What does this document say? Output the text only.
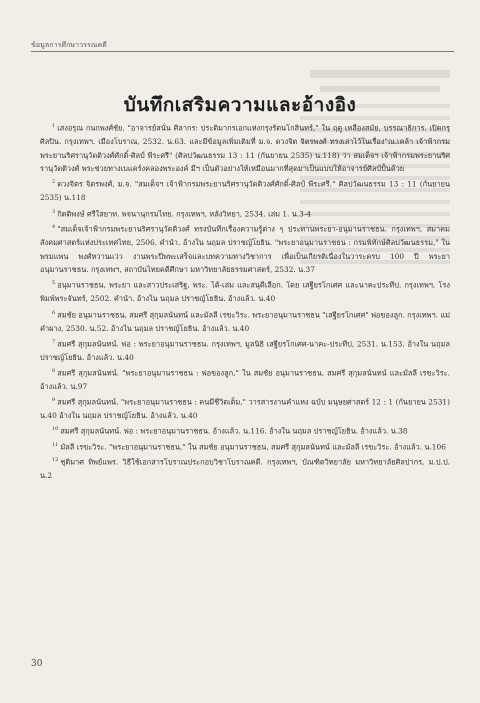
ข้อมูลการศึกษาวรรณคดี
บันทึกเสริมความและอ้างอิง

$^1$ เสงอรุณ กนกพงศ์ชัย. "อาจารย์สนั่น ศิลากร: ประติมากรเอกแห่งกรุงรัตนโกสินทร์," ใน ฤดู เหลืองสมัย, บรรณาธิการ. เปิดกรุศิลปิน. กรุงเทพฯ. เมืองโบราณ, 2532. น.63. และมีข้อมูลเพิ่มเติมที่ ม.จ. ดวงจิต จิตรพงศ์ ทรงเล่าไว้ในเรื่อง"ณ.เคล้า เจ้าฟ้ากรมพระยานริศรานุวัดติวงศ์ศักดิ์-ศิลป์ พีระศรี" (ศิลปวัฒนธรรม 13 : 11 (กันยายน 2535) น.118) ว่า สมเด็จฯ เจ้าฟ้ากรมพระยานริศรานุวัดติวงศ์ พระช่วยทางเบแคร์งคลองพระองค์ มีฯ เป็นตัวอย่างให้เหมือนมากที่สุดมาเป็นแบบให้อาจารย์ศิลป์ปั้นด้วย

$^2$ ดวงจิตร จิตรพงศ์, ม.จ. "สมเด็จฯ เจ้าฟ้ากรมพระยานริศรานุวัดติวงศ์ศักดิ์-ศิลป์ พีระศรี." ศิลปวัฒนธรรม 13 : 11 (กันยายน 2535) น.118

$^3$ กิตติพงษ์ ศรีใสยาท. พจนานุกรมไทย. กรุงเทพฯ, หลังวิทยา, 2534. เล่ม 1. น.3-4

$^4$ "สมเด็จเจ้าฟ้ากรมพระยานริศรานุวัดติวงศ์ ทรงบันทึกเรื่องความรู้ต่าง ๆ ประทานพระยา-อนุมานราชธน. กรุงเทพฯ, สมาคมสังคมศาสตร์แห่งประเทศไทย, 2506. คำนำ. อ้างใน นฤมล ปราชญ์โยธิน. "พระยาอนุมานราชธน : กรมพิทักษ์ศิลปวัฒนธรรม," ใน พรมแพน พงศ์หวานแว่ว งานพระปีพพะเสร็จและบทความทางวิชาการ เพื่อเป็นเกียรติเนื่องในวาระครบ 100 ปี พระยาอนุมานราชธน. กรุงเทพฯ, สถาบันไทยคดีศึกษา มหาวิทยาลัยธรรมศาสตร์, 2532. น.37

$^5$ อนุมานราชธน, พระยา และสาวประเสริฐ, พระ. ไต้-เล่ม และสนุดีเลือก. โดย เสฐียรโกเศศ และนาคะประทีป. กรุงเทพฯ, โรงพิมพ์พระจันทร์, 2502. คำนำ. อ้างใน นฤมล ปราชญ์โยธิน. อ้างแล้ว. น.40

$^6$ สมชัย อนุมานราชธน, สมศรี สุกุมลนันทน์ และมัลลี เรขะวิระ. พระยาอนุมานราชธน "เสฐียรโกเศศ" พ่อของลูก. กรุงเทพฯ. แม่คำผาง, 2530. น.52. อ้างใน นฤมล ปราชญ์โยธิน. อ้างแล้ว. น.40

$^7$ สมศรี สุกุมลนันทน์. พ่อ : พระยาอนุมานราชธน. กรุงเทพฯ, มูลนิธิ เสฐียรโกเศศ-นาคะ-ประทีป, 2531. น.153. อ้างใน นฤมล ปราชญ์โยธิน. อ้างแล้ว. น.40

$^8$ สมศรี สุกุมลนันทน์. "พระยาอนุมานราชธน : พ่อของลูก," ใน สมชัย อนุมานราชธน, สมศรี สุกุมลนันทน์ และมัลลี เรขะวิระ. อ้างแล้ว. น.97

$^9$ สมศรี สุกุมลนันทน์. "พระยาอนุมานราชธน : คนมีชีวิตเต็ม," วารสารงานคำแหง ฉบับ มนุษยศาสตร์ 12 : 1 (กันยายน 2531) น.40 อ้างใน นฤมล ปราชญ์โยธิน. อ้างแล้ว. น.40

$^{10}$ สมศรี สุกุมลนันทน์. พ่อ : พระยาอนุมานราชธน. อ้างแล้ว. น.116. อ้างใน นฤมล ปราชญ์โยธิน. อ้างแล้ว. น.38

$^{11}$ มัลลี เรขะวิระ. "พระยาอนุมานราชธน," ใน สมชัย อนุมานราชธน, สมศรี สุกุมลนันทน์ และมัลลี เรขะวิระ. อ้างแล้ว. น.106

$^{12}$ ชุติมาศ ทิพย์แพร. วิธีใช้เอกสารโบราณประกอบวิชาโบราณคดี. กรุงเทพฯ, บัณฑิตวิทยาลัย มหาวิทยาลัยศิลปากร, ม.ป.ป. น.2

30
